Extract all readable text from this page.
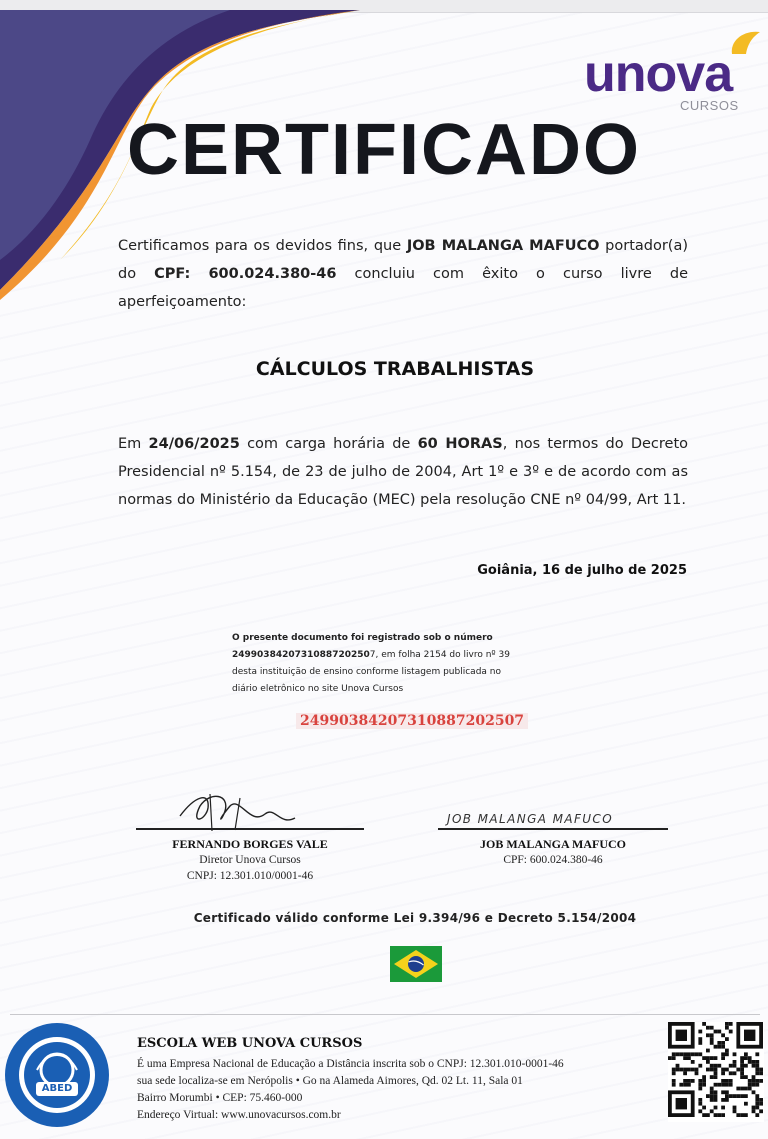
unova
CURSOS
CERTIFICADO
Certificamos para os devidos fins, que JOB MALANGA MAFUCO portador(a) do CPF: 600.024.380-46 concluiu com êxito o curso livre de aperfeiçoamento:
CÁLCULOS TRABALHISTAS
Em 24/06/2025 com carga horária de 60 HORAS, nos termos do Decreto Presidencial nº 5.154, de 23 de julho de 2004, Art 1º e 3º e de acordo com as normas do Ministério da Educação (MEC) pela resolução CNE nº 04/99, Art 11.
Goiânia, 16 de julho de 2025
O presente documento foi registrado sob o número
24990384207310887202507, em folha 2154 do livro nº 39
desta instituição de ensino conforme listagem publicada no
diário eletrônico no site Unova Cursos
24990384207310887202507
FERNANDO BORGES VALE
Diretor Unova Cursos
CNPJ: 12.301.010/0001-46
JOB MALANGA MAFUCO
JOB MALANGA MAFUCO
CPF: 600.024.380-46
Certificado válido conforme Lei 9.394/96 e Decreto 5.154/2004
ABED
ESCOLA WEB UNOVA CURSOS
É uma Empresa Nacional de Educação a Distância inscrita sob o CNPJ: 12.301.010-0001-46
sua sede localiza-se em Nerópolis • Go na Alameda Aimores, Qd. 02 Lt. 11, Sala 01
Bairro Morumbi • CEP: 75.460-000
Endereço Virtual: www.unovacursos.com.br
